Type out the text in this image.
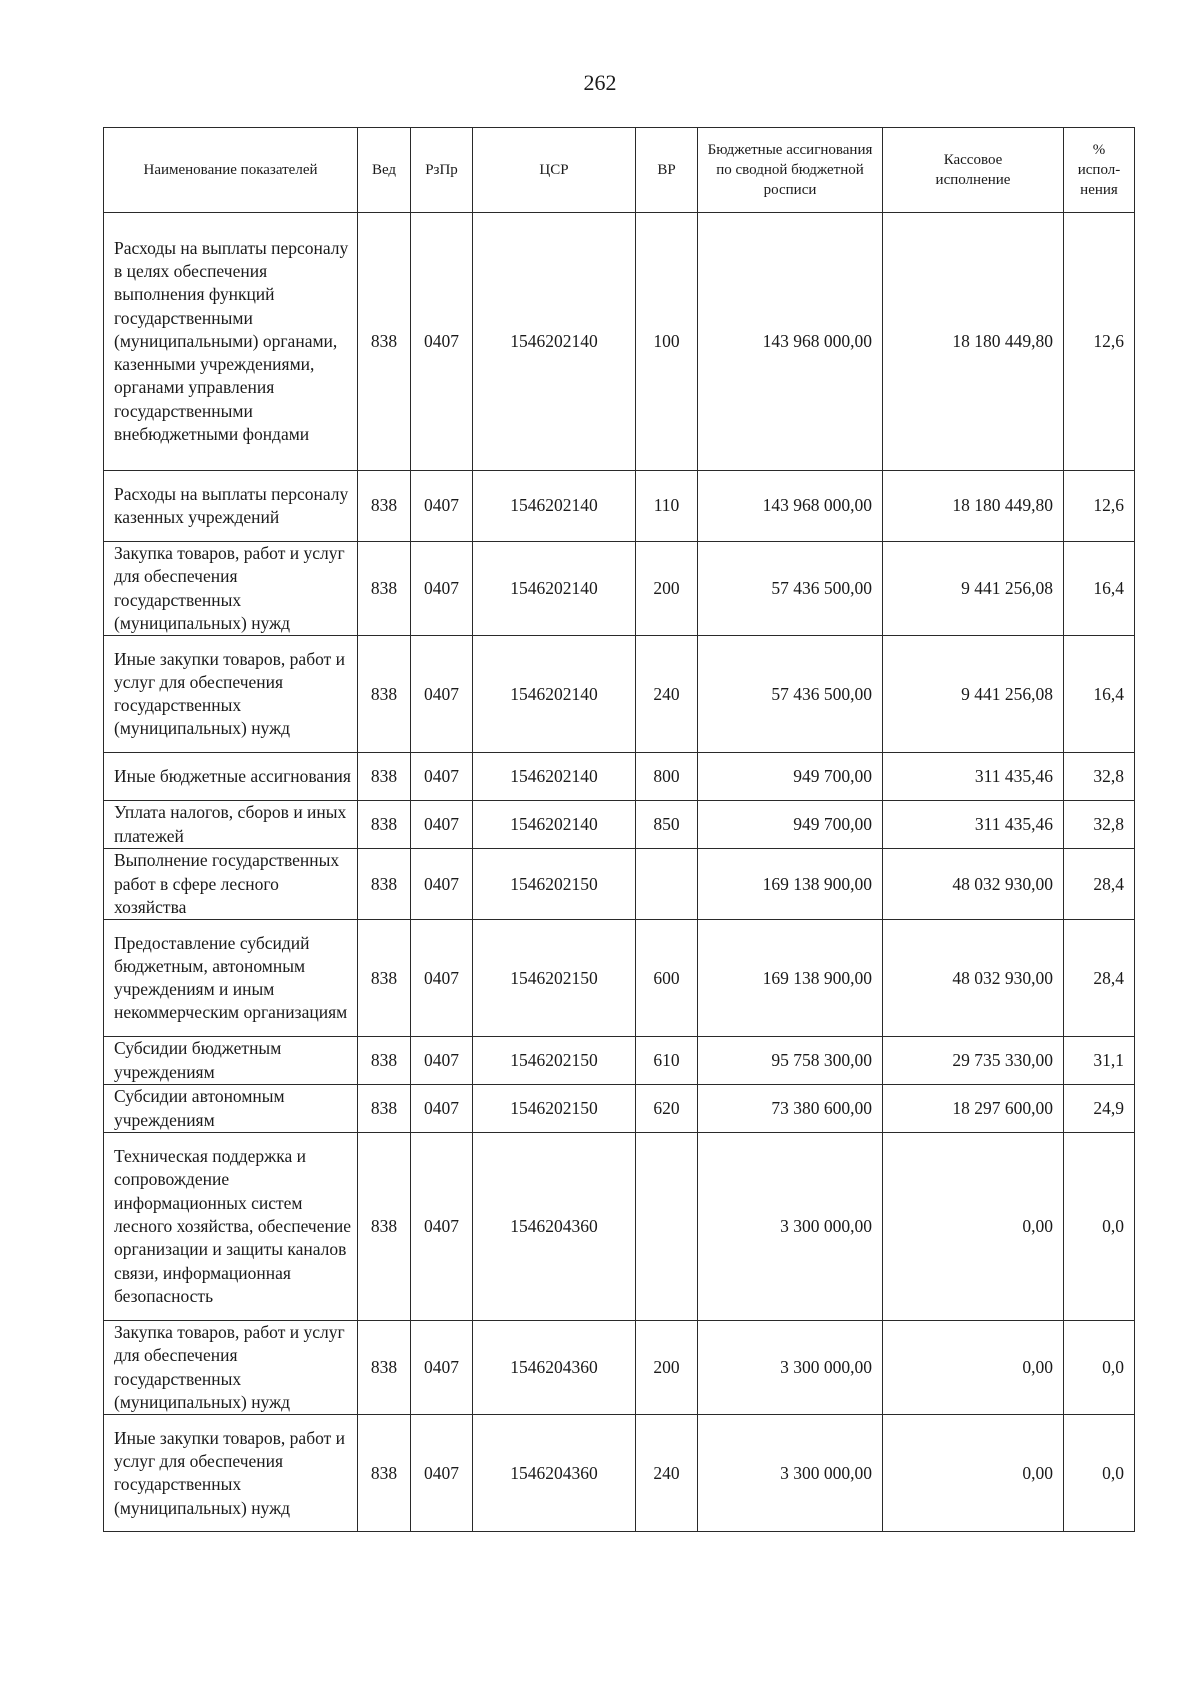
262
Наименование показателей	Вед	РзПр	ЦСР	ВР	Бюджетные ассигнования по сводной бюджетной росписи	Кассовое исполнение	% испол-нения
Расходы на выплаты персоналу в целях обеспечения выполнения функций государственными (муниципальными) органами, казенными учреждениями, органами управления государственными внебюджетными фондами	838	0407	1546202140	100	143 968 000,00	18 180 449,80	12,6
Расходы на выплаты персоналу казенных учреждений	838	0407	1546202140	110	143 968 000,00	18 180 449,80	12,6
Закупка товаров, работ и услуг для обеспечения государственных (муниципальных) нужд	838	0407	1546202140	200	57 436 500,00	9 441 256,08	16,4
Иные закупки товаров, работ и услуг для обеспечения государственных (муниципальных) нужд	838	0407	1546202140	240	57 436 500,00	9 441 256,08	16,4
Иные бюджетные ассигнования	838	0407	1546202140	800	949 700,00	311 435,46	32,8
Уплата налогов, сборов и иных платежей	838	0407	1546202140	850	949 700,00	311 435,46	32,8
Выполнение государственных работ в сфере лесного хозяйства	838	0407	1546202150		169 138 900,00	48 032 930,00	28,4
Предоставление субсидий бюджетным, автономным учреждениям и иным некоммерческим организациям	838	0407	1546202150	600	169 138 900,00	48 032 930,00	28,4
Субсидии бюджетным учреждениям	838	0407	1546202150	610	95 758 300,00	29 735 330,00	31,1
Субсидии автономным учреждениям	838	0407	1546202150	620	73 380 600,00	18 297 600,00	24,9
Техническая поддержка и сопровождение информационных систем лесного хозяйства, обеспечение организации и защиты каналов связи, информационная безопасность	838	0407	1546204360		3 300 000,00	0,00	0,0
Закупка товаров, работ и услуг для обеспечения государственных (муниципальных) нужд	838	0407	1546204360	200	3 300 000,00	0,00	0,0
Иные закупки товаров, работ и услуг для обеспечения государственных (муниципальных) нужд	838	0407	1546204360	240	3 300 000,00	0,00	0,0
